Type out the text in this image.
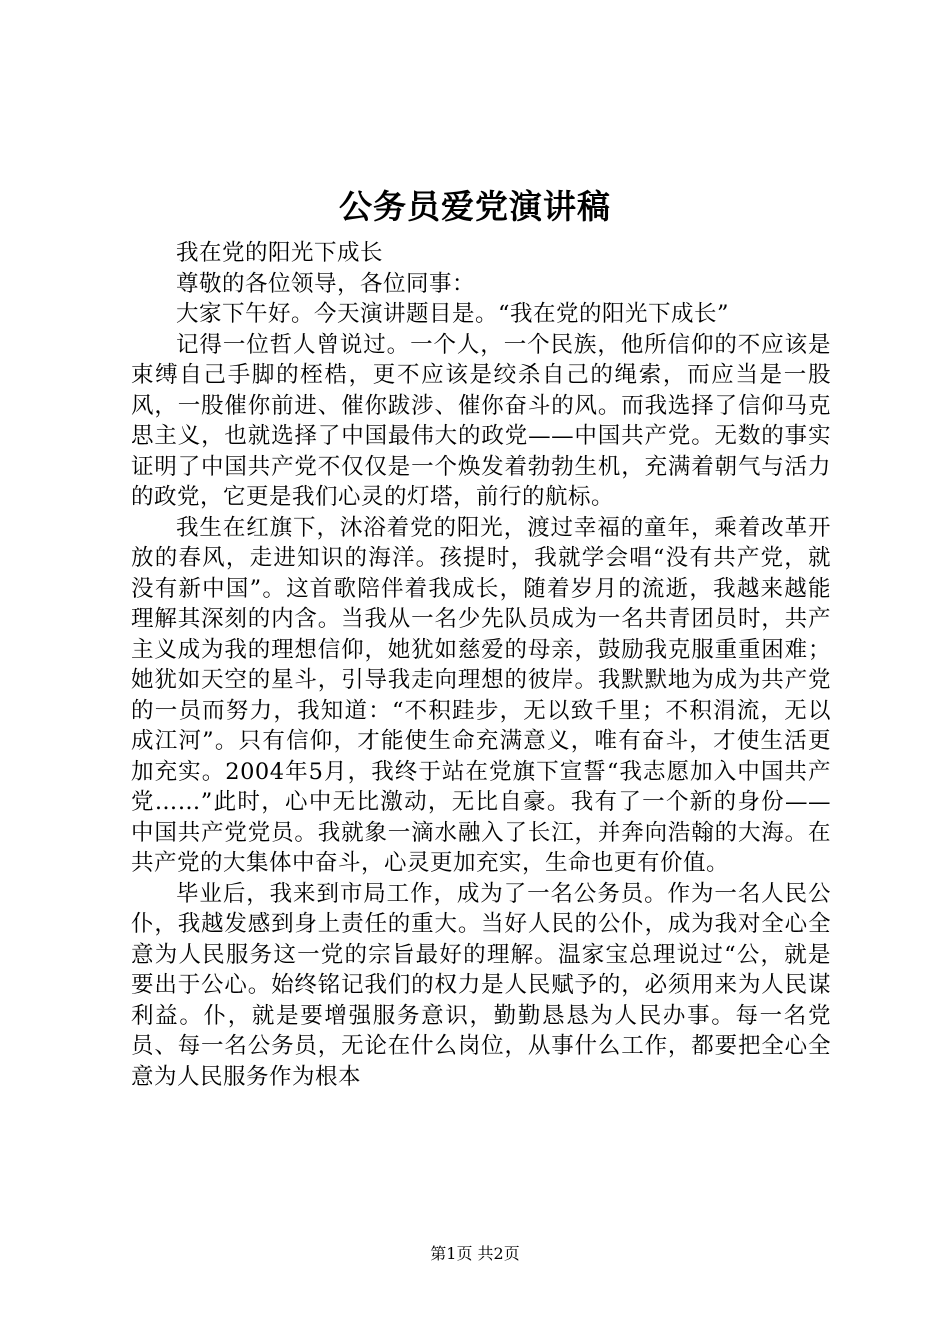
公务员爱党演讲稿

我在党的阳光下成长

尊敬的各位领导，各位同事：

大家下午好。今天演讲题目是。“我在党的阳光下成长”

记得一位哲人曾说过。一个人，一个民族，他所信仰的不应该是束缚自己手脚的桎梏，更不应该是绞杀自己的绳索，而应当是一股风，一股催你前进、催你跋涉、催你奋斗的风。而我选择了信仰马克思主义，也就选择了中国最伟大的政党——中国共产党。无数的事实证明了中国共产党不仅仅是一个焕发着勃勃生机，充满着朝气与活力的政党，它更是我们心灵的灯塔，前行的航标。

我生在红旗下，沐浴着党的阳光，渡过幸福的童年，乘着改革开放的春风，走进知识的海洋。孩提时，我就学会唱“没有共产党，就没有新中国”。这首歌陪伴着我成长，随着岁月的流逝，我越来越能理解其深刻的内含。当我从一名少先队员成为一名共青团员时，共产主义成为我的理想信仰，她犹如慈爱的母亲，鼓励我克服重重困难；她犹如天空的星斗，引导我走向理想的彼岸。我默默地为成为共产党的一员而努力，我知道：“不积跬步，无以致千里；不积涓流，无以成江河”。只有信仰，才能使生命充满意义，唯有奋斗，才使生活更加充实。2004年5月，我终于站在党旗下宣誓“我志愿加入中国共产党……”此时，心中无比激动，无比自豪。我有了一个新的身份——中国共产党党员。我就象一滴水融入了长江，并奔向浩翰的大海。在共产党的大集体中奋斗，心灵更加充实，生命也更有价值。

毕业后，我来到市局工作，成为了一名公务员。作为一名人民公仆，我越发感到身上责任的重大。当好人民的公仆，成为我对全心全意为人民服务这一党的宗旨最好的理解。温家宝总理说过“公，就是要出于公心。始终铭记我们的权力是人民赋予的，必须用来为人民谋利益。仆，就是要增强服务意识，勤勤恳恳为人民办事。每一名党员、每一名公务员，无论在什么岗位，从事什么工作，都要把全心全意为人民服务作为根本

第1页 共2页
